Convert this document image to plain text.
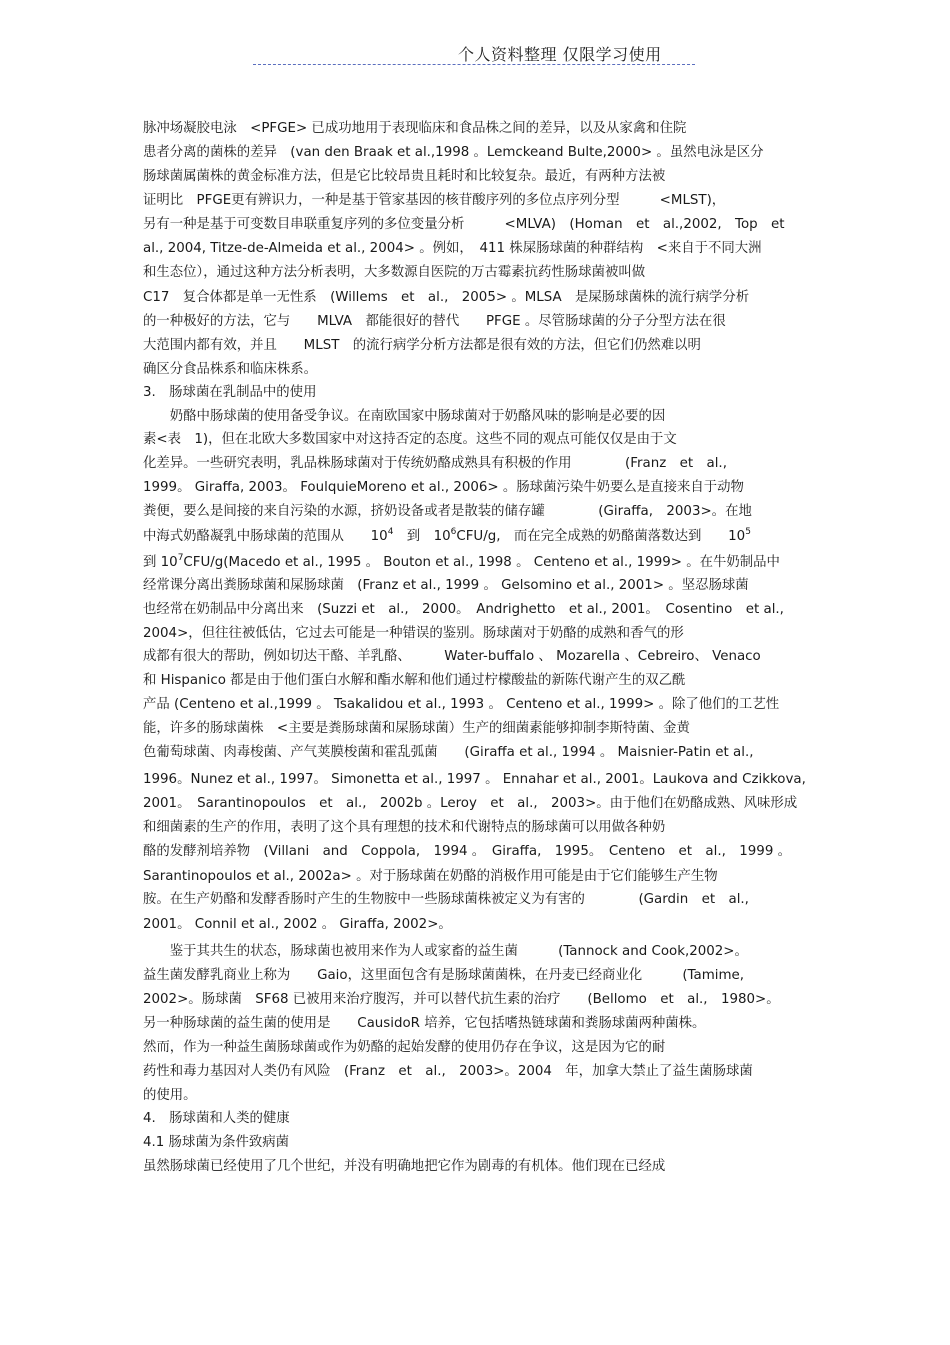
个人资料整理 仅限学习使用
脉冲场凝胶电泳　<PFGE> 已成功地用于表现临床和食品株之间的差异，以及从家禽和住院
患者分离的菌株的差异　(van den Braak et al.,1998 。Lemckeand Bulte,2000> 。虽然电泳是区分
肠球菌属菌株的黄金标准方法，但是它比较昂贵且耗时和比较复杂。最近，有两种方法被
证明比　PFGE更有辨识力，一种是基于管家基因的核苷酸序列的多位点序列分型　　　<MLST)，
另有一种是基于可变数目串联重复序列的多位变量分析　　　<MLVA)　(Homan　et　al.,2002,　Top　et
al., 2004, Titze-de-Almeida et al., 2004> 。例如，　411 株屎肠球菌的种群结构　<来自于不同大洲
和生态位），通过这种方法分析表明，大多数源自医院的万古霉素抗药性肠球菌被叫做
C17　复合体都是单一无性系　(Willems　et　al.,　2005> 。MLSA　是屎肠球菌株的流行病学分析
的一种极好的方法，它与　　MLVA　都能很好的替代　　PFGE 。尽管肠球菌的分子分型方法在很
大范围内都有效，并且　　MLST　的流行病学分析方法都是很有效的方法，但它们仍然难以明
确区分食品株系和临床株系。
3.　肠球菌在乳制品中的使用
　　奶酪中肠球菌的使用备受争议。在南欧国家中肠球菌对于奶酪风味的影响是必要的因
素<表　1)，但在北欧大多数国家中对这持否定的态度。这些不同的观点可能仅仅是由于文
化差异。一些研究表明，乳品株肠球菌对于传统奶酪成熟具有积极的作用　　　　(Franz　et　al.,
1999。 Giraffa, 2003。 FoulquieMoreno et al., 2006> 。肠球菌污染牛奶要么是直接来自于动物
粪便，要么是间接的来自污染的水源，挤奶设备或者是散装的储存罐　　　　(Giraffa,　2003>。在地
中海式奶酪凝乳中肠球菌的范围从　　$10^4$　到　$10^6CFU/g$,　而在完全成熟的奶酪菌落数达到　　$10^5$
到 $10^7CFU/g(Macedo$ et al., 1995 。 Bouton et al., 1998 。 Centeno et al., 1999> 。在牛奶制品中
经常课分离出粪肠球菌和屎肠球菌　(Franz et al., 1999 。 Gelsomino et al., 2001> 。坚忍肠球菌
也经常在奶制品中分离出来　(Suzzi et　al.,　2000。　Andrighetto　et al., 2001。　Cosentino　et al.,
2004>，但往往被低估，它过去可能是一种错误的鉴别。肠球菌对于奶酪的成熟和香气的形
成都有很大的帮助，例如切达干酪、羊乳酪、　　　Water-buffalo 、 Mozarella 、Cebreiro、 Venaco
和 Hispanico 都是由于他们蛋白水解和酯水解和他们通过柠檬酸盐的新陈代谢产生的双乙酰
产品 (Centeno et al.,1999 。 Tsakalidou et al., 1993 。 Centeno et al., 1999> 。除了他们的工艺性
能，许多的肠球菌株　<主要是粪肠球菌和屎肠球菌）生产的细菌素能够抑制李斯特菌、金黄
色葡萄球菌、肉毒梭菌、产气荚膜梭菌和霍乱弧菌　　(Giraffa et al., 1994 。 Maisnier-Patin et al.,
1996。Nunez et al., 1997。 Simonetta et al., 1997 。 Ennahar et al., 2001。Laukova and Czikkova,
2001。　Sarantinopoulos　et　al.,　2002b 。Leroy　et　al.,　2003>。由于他们在奶酪成熟、风味形成
和细菌素的生产的作用，表明了这个具有理想的技术和代谢特点的肠球菌可以用做各种奶
酪的发酵剂培养物　(Villani　and　Coppola,　1994 。　Giraffa,　1995。　Centeno　et　al.,　1999 。
Sarantinopoulos et al., 2002a> 。对于肠球菌在奶酪的消极作用可能是由于它们能够生产生物
胺。在生产奶酪和发酵香肠时产生的生物胺中一些肠球菌株被定义为有害的　　　　(Gardin　et　al.,
2001。 Connil et al., 2002 。 Giraffa, 2002>。
　　鉴于其共生的状态，肠球菌也被用来作为人或家畜的益生菌　　　(Tannock and Cook,2002>。
益生菌发酵乳商业上称为　　Gaio，这里面包含有是肠球菌菌株，在丹麦已经商业化　　　(Tamime,
2002>。肠球菌　SF68 已被用来治疗腹泻，并可以替代抗生素的治疗　　(Bellomo　et　al.,　1980>。
另一种肠球菌的益生菌的使用是　　CausidoR 培养，它包括嗜热链球菌和粪肠球菌两种菌株。
然而，作为一种益生菌肠球菌或作为奶酪的起始发酵的使用仍存在争议，这是因为它的耐
药性和毒力基因对人类仍有风险　(Franz　et　al.,　2003>。2004　年，加拿大禁止了益生菌肠球菌
的使用。
4.　肠球菌和人类的健康
4.1 肠球菌为条件致病菌
虽然肠球菌已经使用了几个世纪，并没有明确地把它作为剧毒的有机体。他们现在已经成
